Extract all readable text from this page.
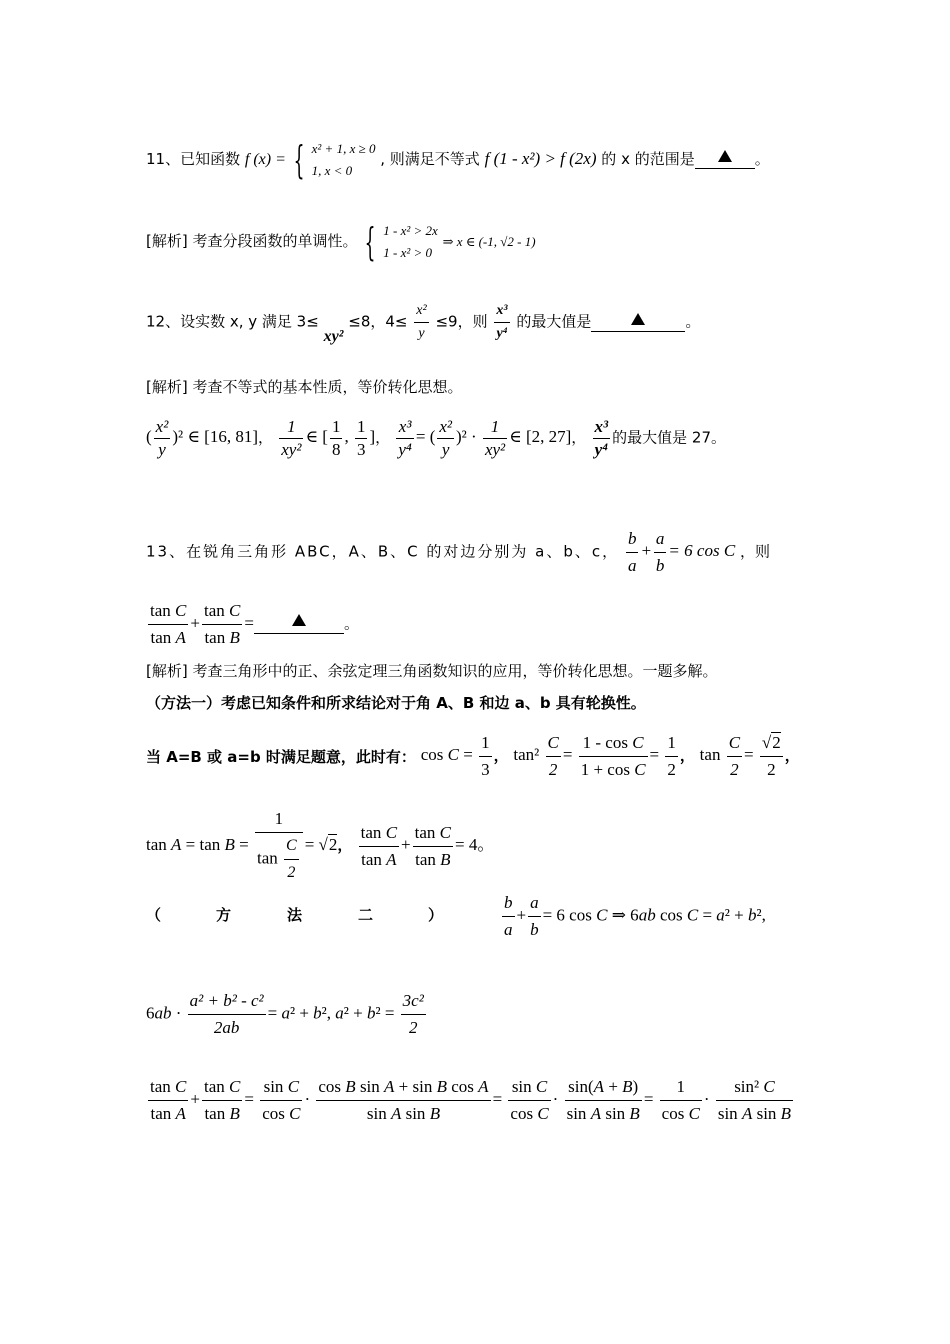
11、已知函数 f (x) = { x² + 1, x ≥ 0
1, x < 0
, 则满足不等式 f (1 - x²) > f (2x) 的 x 的范围是	。
[解析] 考查分段函数的单调性。 { 1 - x² > 2x
1 - x² > 0
⇒ x ∈ (-1, √2 - 1)
12、设实数 x, y 满足 3≤ xy² ≤8，$4\le \frac{\text{x²}}{y} \le 9$，则 $\frac{\text{x³}}{\text{y⁴}}$ 的最大值是	。
[解析] 考查不等式的基本性质，等价转化思想。
( $\frac{\text{x²}}{y} )^2$ ∈ [16, 81]， $\frac{1}{\text{xy²}}$ ∈ [ $\frac{1}{8}$ , $\frac{1}{3}$ ]， $\frac{\text{x³}}{\text{y⁴}}$ = ( $\frac{\text{x²}}{y} )^2 \cdot \frac{1}{\text{xy²}}$ ∈ [2, 27]， $\frac{\text{x³}}{\text{y⁴}}$ 的最大值是 27。
13、在锐角三角形 ABC，A、B、C 的对边分别为 a、b、c， $\frac{b}{a} + \frac{a}{b} = 6$ cos C ，则
$\frac{\text{tan C}}{\text{tan A}} + \frac{\text{tan C}}{\text{tan B}}$ =	。
[解析] 考查三角形中的正、余弦定理三角函数知识的应用，等价转化思想。一题多解。
（方法一）考虑已知条件和所求结论对于角 A、B 和边 a、b 具有轮换性。
当 A=B 或 a=b 时满足题意，此时有： $\cos C = \frac{1}{3}$ ， $\tan^2 \frac{C}{2} = \frac{\text{1 - cos C}}{\text{1 + cos C}} = \frac{1}{2}$ ， $\tan \frac{C}{2} = \frac{√2}{2}$ ，
$\tan A = \tan B = \frac{1}{\tan \frac{C}{2}} = √2$， $\frac{\text{tan C}}{\text{tan A}} + \frac{\text{tan C}}{\text{tan B}} = 4$。
（	方	法	二	）	$\frac{b}{a} + \frac{a}{b} = 6$ cos C ⇒ 6ab cos C = a² + b²,
$6ab \cdot \frac{\text{a² + b² - c²}}{2ab} = a^2 + b^2$, $a^2 + b^2 = \frac{\text{3c²}}{2}$
$\frac{\text{tan C}}{\text{tan A}} + \frac{\text{tan C}}{\text{tan B}} = \frac{\text{sin C}}{\text{cos C}} \cdot \frac{\text{cos B sin A + sin B cos A}}{\text{sin A sin B}} = \frac{\text{sin C}}{\text{cos C}} \cdot \frac{\sin(A + B)}{\text{sin A sin B}} = \frac{1}{\text{cos C}} \cdot \frac{\text{sin² C}}{\text{sin A sin B}}$
